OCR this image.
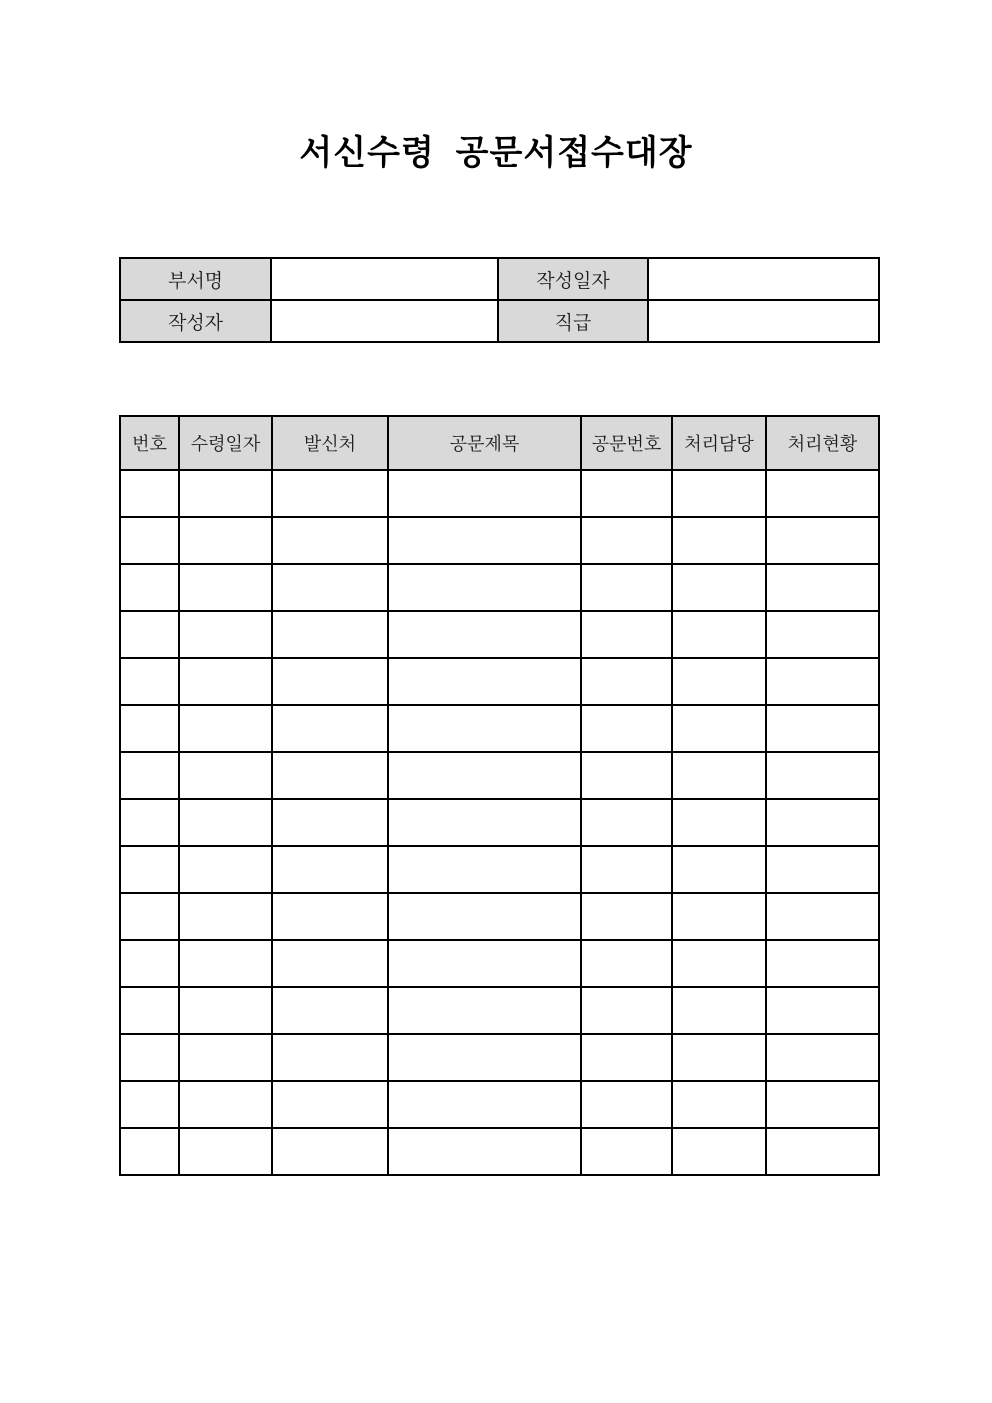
서신수령  공문서접수대장
부서명		작성일자	
작성자		직급	
번호	수령일자	발신처	공문제목	공문번호	처리담당	처리현황
